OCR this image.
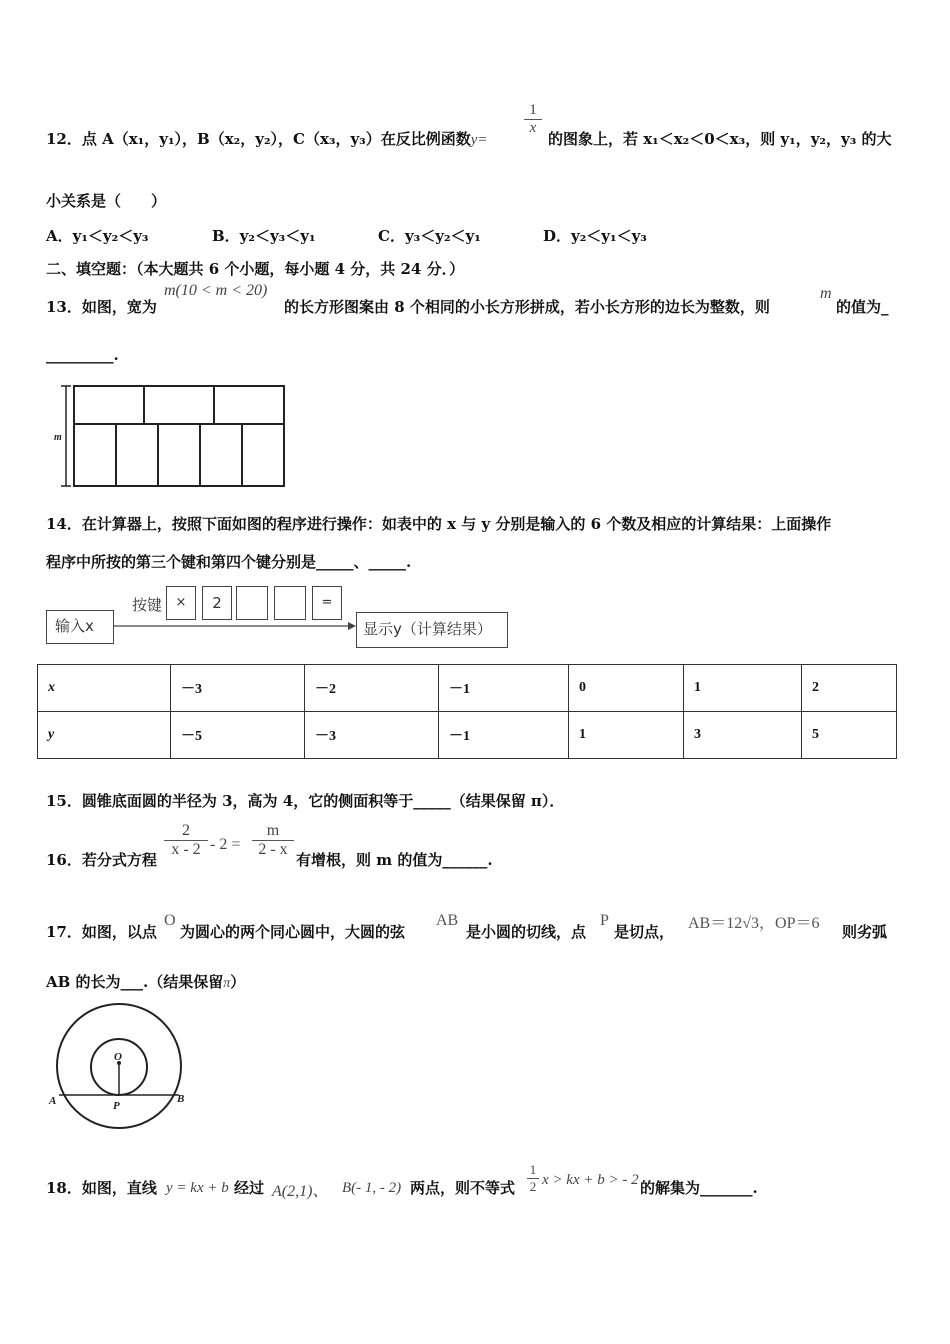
12．点 A（x₁，y₁），B（x₂，y₂），C（x₃，y₃）在反比例函数y=
$\frac{1}{x}$
的图象上，若 x₁＜x₂＜0＜x₃，则 y₁，y₂，y₃ 的大
小关系是（　　）
A．y₁＜y₂＜y₃	B．y₂＜y₃＜y₁	C．y₃＜y₂＜y₁	D．y₂＜y₁＜y₃
二、填空题：（本大题共 6 个小题，每小题 4 分，共 24 分．）
13．如图，宽为
m(10 < m < 20)
的长方形图案由 8 个相同的小长方形拼成，若小长方形的边长为整数，则
m
的值为_
_________.
m
14．在计算器上，按照下面如图的程序进行操作：如表中的 x 与 y 分别是输入的 6 个数及相应的计算结果：上面操作
程序中所按的第三个键和第四个键分别是_____、_____.
按键	×	2	=
输入x	显示y（计算结果）
x	－3	－2	－1	0	1	2
y	－5	－3	－1	1	3	5
15．圆锥底面圆的半径为 3，高为 4，它的侧面积等于_____（结果保留 π）．
16．若分式方程
$\frac{2}{x - 2} - 2 = \frac{m}{2 - x}$
有增根，则 m 的值为______.
17．如图，以点
O
为圆心的两个同心圆中，大圆的弦
AB
是小圆的切线，点
P
是切点， AB＝12√3，OP＝6 则劣弧
AB 的长为___.（结果保留π）
O
A	P
B
18．如图，直线 y = kx + b 经过 A(2,1)、 B(- 1, - 2) 两点，则不等式 $\frac{1}{2}$ x > kx + b > - 2 的解集为_______.
